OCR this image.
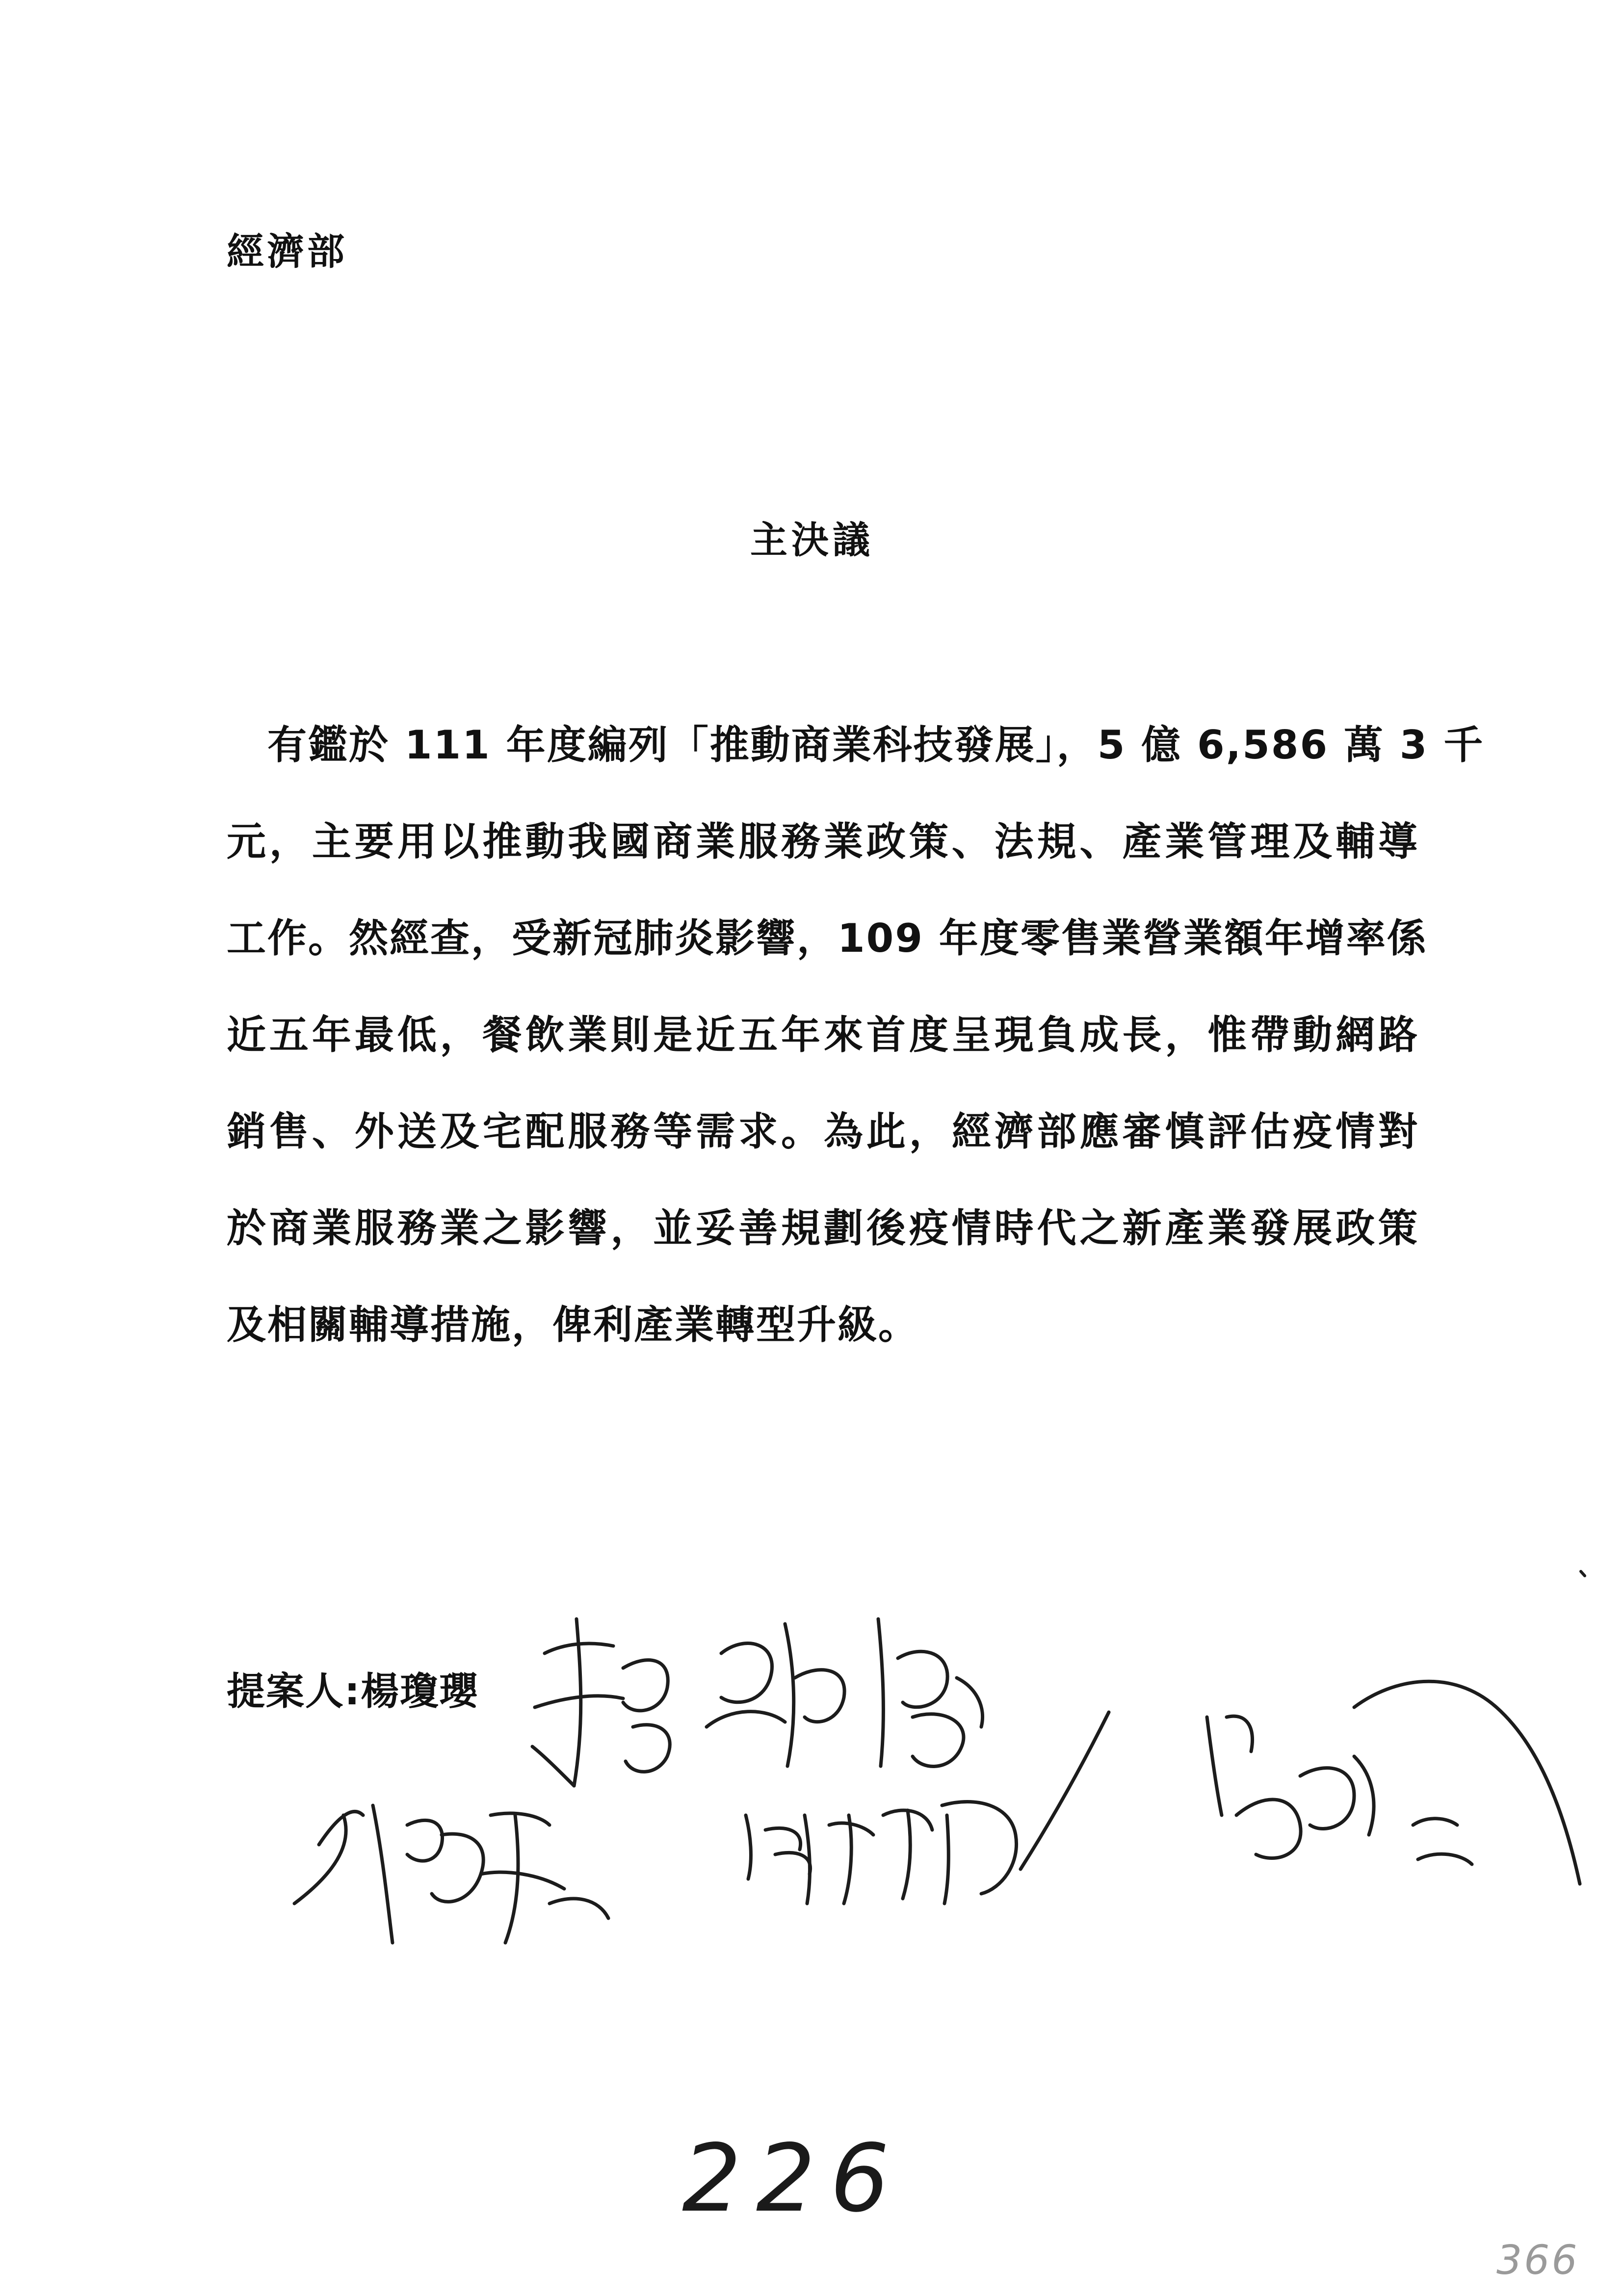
經濟部
主決議
　有鑑於 111 年度編列「推動商業科技發展」，5 億 6,586 萬 3 千
元，主要用以推動我國商業服務業政策、法規、產業管理及輔導
工作。然經查，受新冠肺炎影響，109 年度零售業營業額年增率係
近五年最低，餐飲業則是近五年來首度呈現負成長，惟帶動網路
銷售、外送及宅配服務等需求。為此，經濟部應審慎評估疫情對
於商業服務業之影響，並妥善規劃後疫情時代之新產業發展政策
及相關輔導措施，俾利產業轉型升級。
提案人:楊瓊瓔
226
366
